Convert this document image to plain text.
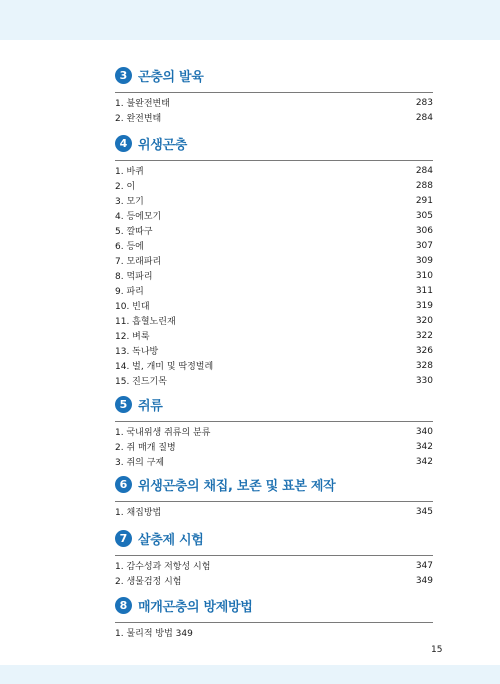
3 곤충의 발육
1. 불완전변태	283
2. 완전변태	284
4 위생곤충
1. 바퀴	284
2. 이	288
3. 모기	291
4. 등에모기	305
5. 깔따구	306
6. 등에	307
7. 모래파리	309
8. 먹파리	310
9. 파리	311
10. 빈대	319
11. 흡혈노린재	320
12. 벼룩	322
13. 독나방	326
14. 벌, 개미 및 딱정벌레	328
15. 진드기목	330
5 쥐류
1. 국내위생 쥐류의 분류	340
2. 쥐 매개 질병	342
3. 쥐의 구제	342
6 위생곤충의 채집, 보존 및 표본 제작
1. 채집방법	345
7 살충제 시험
1. 감수성과 저항성 시험	347
2. 생물검정 시험	349
8 매개곤충의 방제방법
1. 물리적 방법 349
15
